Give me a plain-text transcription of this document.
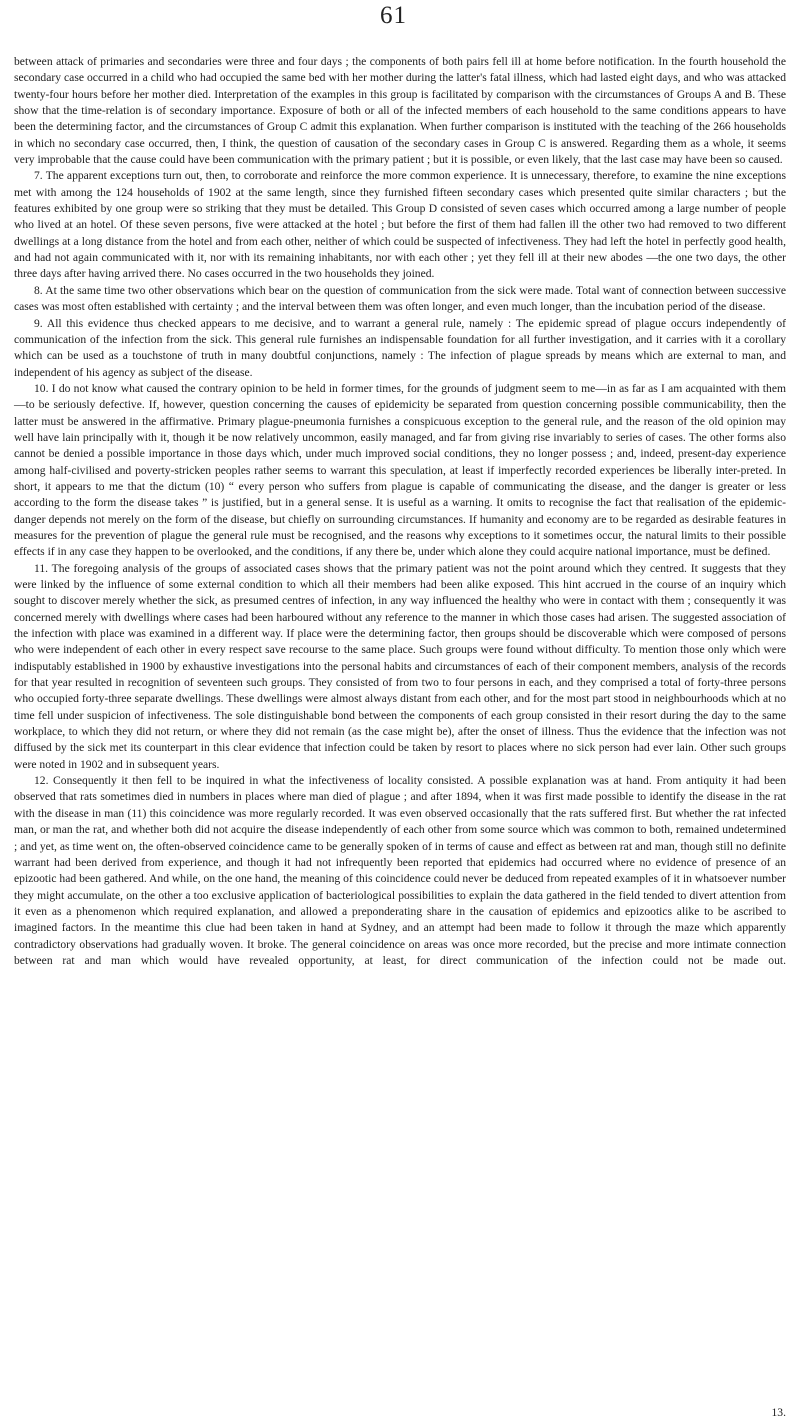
61

between attack of primaries and secondaries were three and four days ; the components of both pairs fell ill at home before notification. In the fourth household the secondary case occurred in a child who had occupied the same bed with her mother during the latter's fatal illness, which had lasted eight days, and who was attacked twenty-four hours before her mother died. Interpretation of the examples in this group is facilitated by comparison with the circumstances of Groups A and B. These show that the time-relation is of secondary importance. Exposure of both or all of the infected members of each household to the same conditions appears to have been the determining factor, and the circumstances of Group C admit this explanation. When further comparison is instituted with the teaching of the 266 households in which no secondary case occurred, then, I think, the question of causation of the secondary cases in Group C is answered. Regarding them as a whole, it seems very improbable that the cause could have been communication with the primary patient ; but it is possible, or even likely, that the last case may have been so caused.

7. The apparent exceptions turn out, then, to corroborate and reinforce the more common experience. It is unnecessary, therefore, to examine the nine exceptions met with among the 124 households of 1902 at the same length, since they furnished fifteen secondary cases which presented quite similar characters ; but the features exhibited by one group were so striking that they must be detailed. This Group D consisted of seven cases which occurred among a large number of people who lived at an hotel. Of these seven persons, five were attacked at the hotel ; but before the first of them had fallen ill the other two had removed to two different dwellings at a long distance from the hotel and from each other, neither of which could be suspected of infectiveness. They had left the hotel in perfectly good health, and had not again communicated with it, nor with its remaining inhabitants, nor with each other ; yet they fell ill at their new abodes —the one two days, the other three days after having arrived there. No cases occurred in the two households they joined.

8. At the same time two other observations which bear on the question of communication from the sick were made. Total want of connection between successive cases was most often established with certainty ; and the interval between them was often longer, and even much longer, than the incubation period of the disease.

9. All this evidence thus checked appears to me decisive, and to warrant a general rule, namely : The epidemic spread of plague occurs independently of communication of the infection from the sick. This general rule furnishes an indispensable foundation for all further investigation, and it carries with it a corollary which can be used as a touchstone of truth in many doubtful conjunctions, namely : The infection of plague spreads by means which are external to man, and independent of his agency as subject of the disease.

10. I do not know what caused the contrary opinion to be held in former times, for the grounds of judgment seem to me—in as far as I am acquainted with them—to be seriously defective. If, however, question concerning the causes of epidemicity be separated from question concerning possible communicability, then the latter must be answered in the affirmative. Primary plague-pneumonia furnishes a conspicuous exception to the general rule, and the reason of the old opinion may well have lain principally with it, though it be now relatively uncommon, easily managed, and far from giving rise invariably to series of cases. The other forms also cannot be denied a possible importance in those days which, under much improved social conditions, they no longer possess ; and, indeed, present-day experience among half-civilised and poverty-stricken peoples rather seems to warrant this speculation, at least if imperfectly recorded experiences be liberally inter-preted. In short, it appears to me that the dictum (10) “ every person who suffers from plague is capable of communicating the disease, and the danger is greater or less according to the form the disease takes ” is justified, but in a general sense. It is useful as a warning. It omits to recognise the fact that realisation of the epidemic-danger depends not merely on the form of the disease, but chiefly on surrounding circumstances. If humanity and economy are to be regarded as desirable features in measures for the prevention of plague the general rule must be recognised, and the reasons why exceptions to it sometimes occur, the natural limits to their possible effects if in any case they happen to be overlooked, and the conditions, if any there be, under which alone they could acquire national importance, must be defined.

11. The foregoing analysis of the groups of associated cases shows that the primary patient was not the point around which they centred. It suggests that they were linked by the influence of some external condition to which all their members had been alike exposed. This hint accrued in the course of an inquiry which sought to discover merely whether the sick, as presumed centres of infection, in any way influenced the healthy who were in contact with them ; consequently it was concerned merely with dwellings where cases had been harboured without any reference to the manner in which those cases had arisen. The suggested association of the infection with place was examined in a different way. If place were the determining factor, then groups should be discoverable which were composed of persons who were independent of each other in every respect save recourse to the same place. Such groups were found without difficulty. To mention those only which were indisputably established in 1900 by exhaustive investigations into the personal habits and circumstances of each of their component members, analysis of the records for that year resulted in recognition of seventeen such groups. They consisted of from two to four persons in each, and they comprised a total of forty-three persons who occupied forty-three separate dwellings. These dwellings were almost always distant from each other, and for the most part stood in neighbourhoods which at no time fell under suspicion of infectiveness. The sole distinguishable bond between the components of each group consisted in their resort during the day to the same workplace, to which they did not return, or where they did not remain (as the case might be), after the onset of illness. Thus the evidence that the infection was not diffused by the sick met its counterpart in this clear evidence that infection could be taken by resort to places where no sick person had ever lain. Other such groups were noted in 1902 and in subsequent years.

12. Consequently it then fell to be inquired in what the infectiveness of locality consisted. A possible explanation was at hand. From antiquity it had been observed that rats sometimes died in numbers in places where man died of plague ; and after 1894, when it was first made possible to identify the disease in the rat with the disease in man (11) this coincidence was more regularly recorded. It was even observed occasionally that the rats suffered first. But whether the rat infected man, or man the rat, and whether both did not acquire the disease independently of each other from some source which was common to both, remained undetermined ; and yet, as time went on, the often-observed coincidence came to be generally spoken of in terms of cause and effect as between rat and man, though still no definite warrant had been derived from experience, and though it had not infrequently been reported that epidemics had occurred where no evidence of presence of an epizootic had been gathered. And while, on the one hand, the meaning of this coincidence could never be deduced from repeated examples of it in whatsoever number they might accumulate, on the other a too exclusive application of bacteriological possibilities to explain the data gathered in the field tended to divert attention from it even as a phenomenon which required explanation, and allowed a preponderating share in the causation of epidemics and epizootics alike to be ascribed to imagined factors. In the meantime this clue had been taken in hand at Sydney, and an attempt had been made to follow it through the maze which apparently contradictory observations had gradually woven. It broke. The general coincidence on areas was once more recorded, but the precise and more intimate connection between rat and man which would have revealed opportunity, at least, for direct communication of the infection could not be made out.

13.
